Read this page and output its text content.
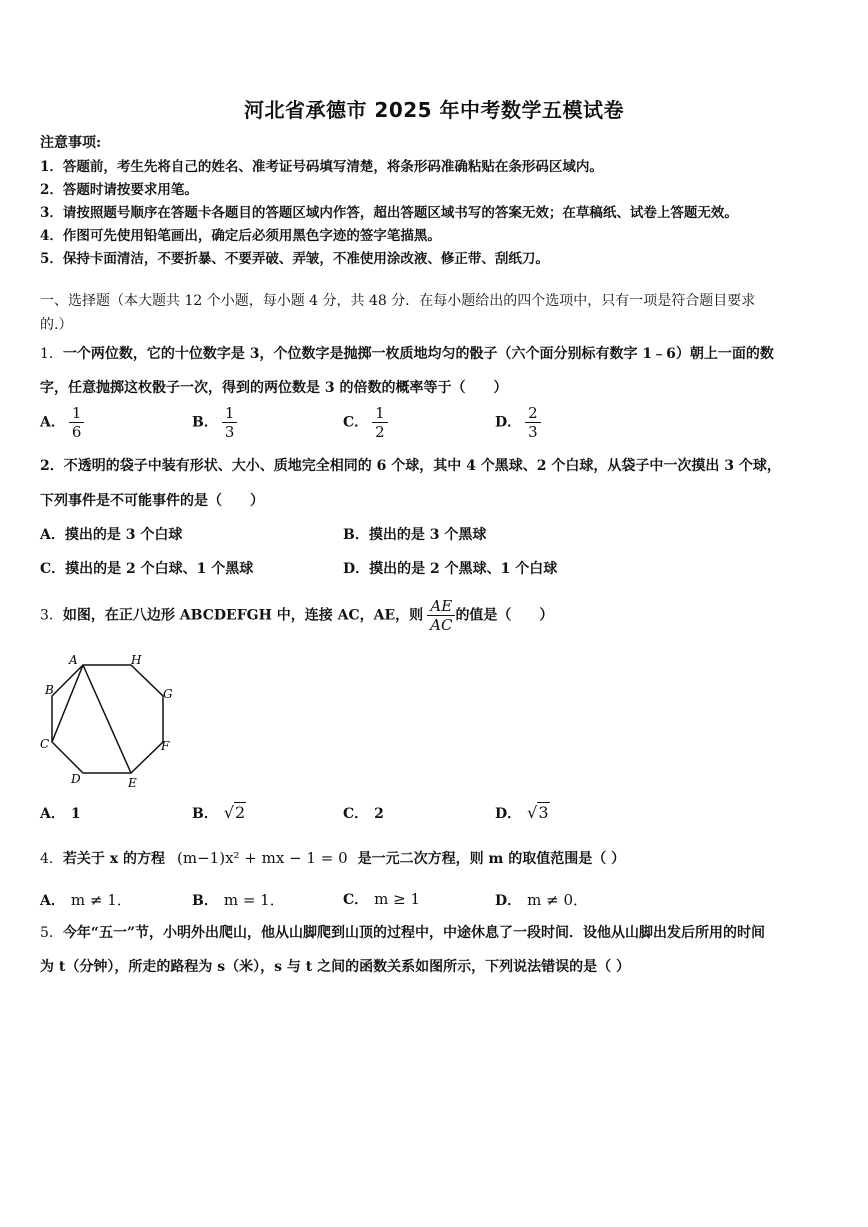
河北省承德市 2025 年中考数学五模试卷
注意事项:
1．答题前，考生先将自己的姓名、准考证号码填写清楚，将条形码准确粘贴在条形码区域内。
2．答题时请按要求用笔。
3．请按照题号顺序在答题卡各题目的答题区域内作答，超出答题区域书写的答案无效；在草稿纸、试卷上答题无效。
4．作图可先使用铅笔画出，确定后必须用黑色字迹的签字笔描黑。
5．保持卡面清洁，不要折暴、不要弄破、弄皱，不准使用涂改液、修正带、刮纸刀。
一、选择题（本大题共 12 个小题，每小题 4 分，共 48 分．在每小题给出的四个选项中，只有一项是符合题目要求
的.）
1．一个两位数，它的十位数字是 3，个位数字是抛掷一枚质地均匀的骰子（六个面分别标有数字 1﹣6）朝上一面的数
字，任意抛掷这枚骰子一次，得到的两位数是 3 的倍数的概率等于（　　）
A． $\frac{1}{6}$	B． $\frac{1}{3}$	C． $\frac{1}{2}$	D． $\frac{2}{3}$
2．不透明的袋子中装有形状、大小、质地完全相同的 6 个球，其中 4 个黑球、2 个白球，从袋子中一次摸出 3 个球，
下列事件是不可能事件的是（　　）
A．摸出的是 3 个白球	B．摸出的是 3 个黑球
C．摸出的是 2 个白球、1 个黑球	D．摸出的是 2 个黑球、1 个白球
3．如图，在正八边形 ABCDEFGH 中，连接 AC，AE，则 $\frac{AE}{AC}$ 的值是（　　）
A	H
B	G
C	F
D	E
A． 1	B． √2	C． 2	D． √3
4．若关于 x 的方程 (m−1)x² + mx − 1 = 0 是一元二次方程，则 m 的取值范围是（ ）
A． m ≠ 1．	B． m = 1．	C． m ≥ 1	D． m ≠ 0．
5．今年“五一”节，小明外出爬山，他从山脚爬到山顶的过程中，中途休息了一段时间．设他从山脚出发后所用的时间
为 t（分钟），所走的路程为 s（米），s 与 t 之间的函数关系如图所示，下列说法错误的是（ ）
